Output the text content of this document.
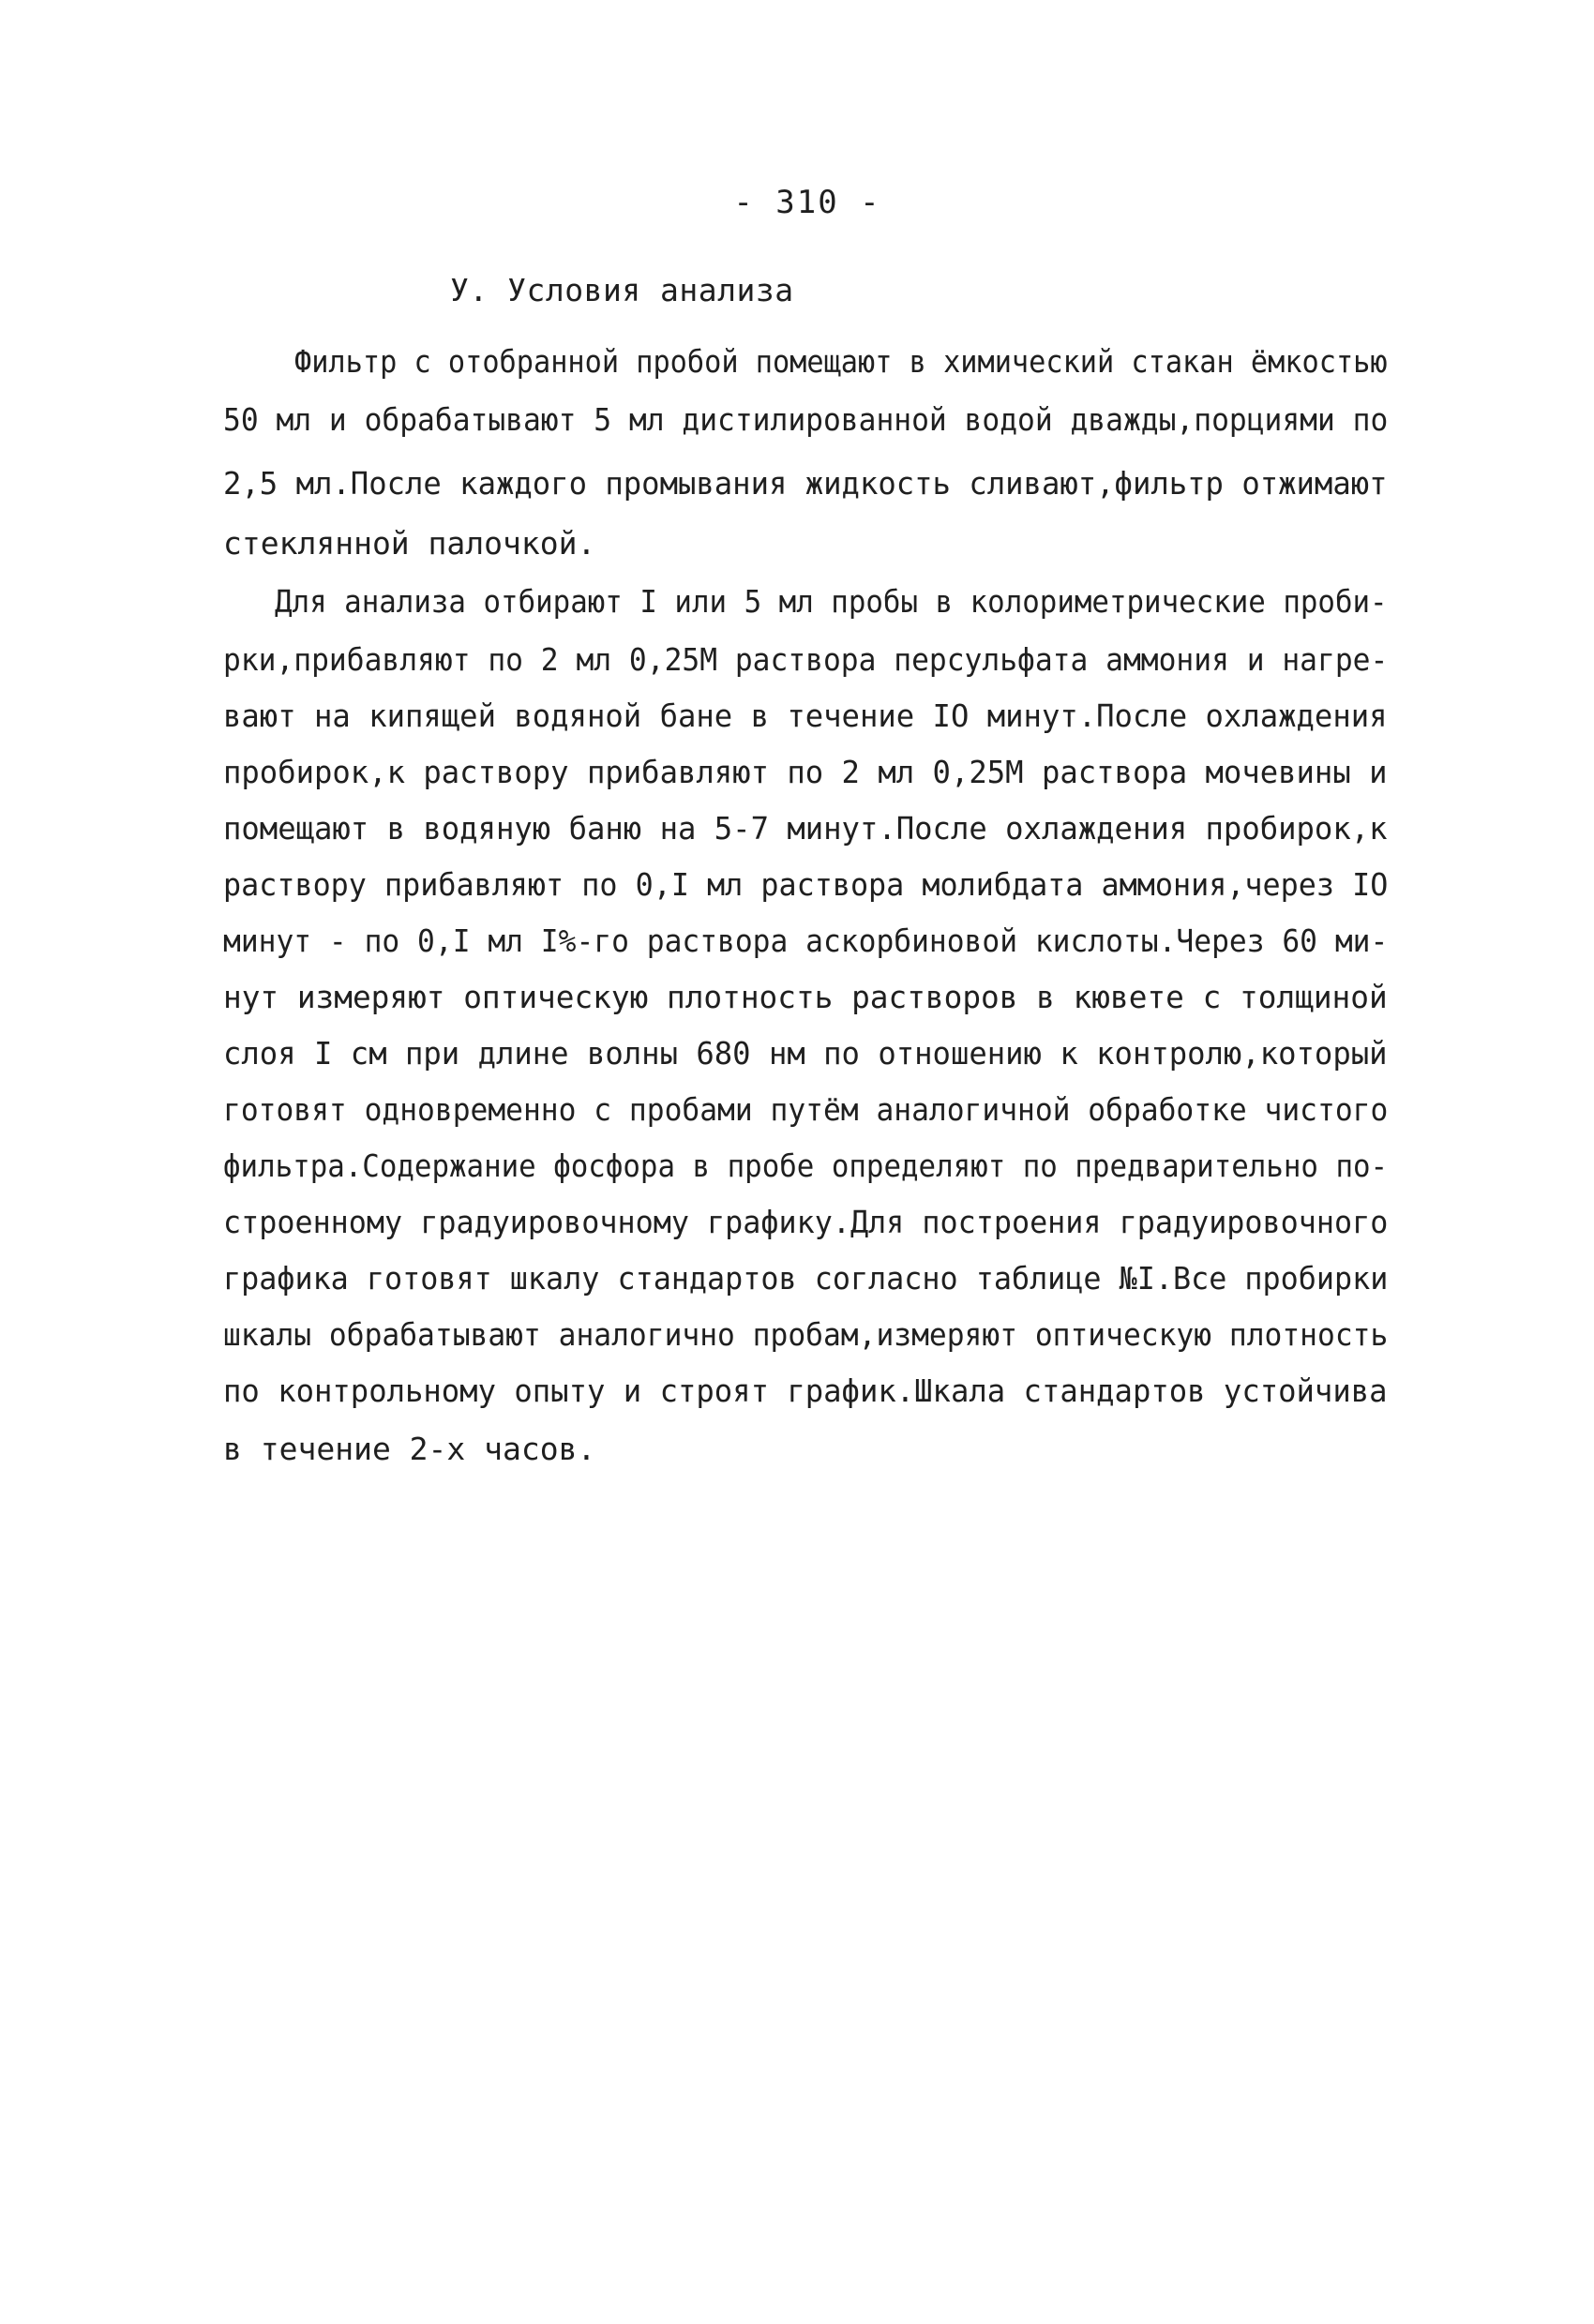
- 310 -
У. Условия анализа
Фильтр с отобранной пробой помещают в химический стакан ёмкостью
50 мл и обрабатывают 5 мл дистилированной водой дважды,порциями по
2,5 мл.После каждого промывания жидкость сливают,фильтр отжимают
стеклянной палочкой.
Для анализа отбирают I или 5 мл пробы в колориметрические проби-
рки,прибавляют по 2 мл 0,25М раствора персульфата аммония и нагре-
вают на кипящей водяной бане в течение IO минут.После охлаждения
пробирок,к раствору прибавляют по 2 мл 0,25М раствора мочевины и
помещают в водяную баню на 5-7 минут.После охлаждения пробирок,к
раствору прибавляют по 0,I мл раствора молибдата аммония,через IO
минут - по 0,I мл I%-го раствора аскорбиновой кислоты.Через 60 ми-
нут измеряют оптическую плотность растворов в кювете с толщиной
слоя I см при длине волны 680 нм по отношению к контролю,который
готовят одновременно с пробами путём аналогичной обработке чистого
фильтра.Содержание фосфора в пробе определяют по предварительно по-
строенному градуировочному графику.Для построения градуировочного
графика готовят шкалу стандартов согласно таблице №I.Все пробирки
шкалы обрабатывают аналогично пробам,измеряют оптическую плотность
по контрольному опыту и строят график.Шкала стандартов устойчива
в течение 2-х часов.
